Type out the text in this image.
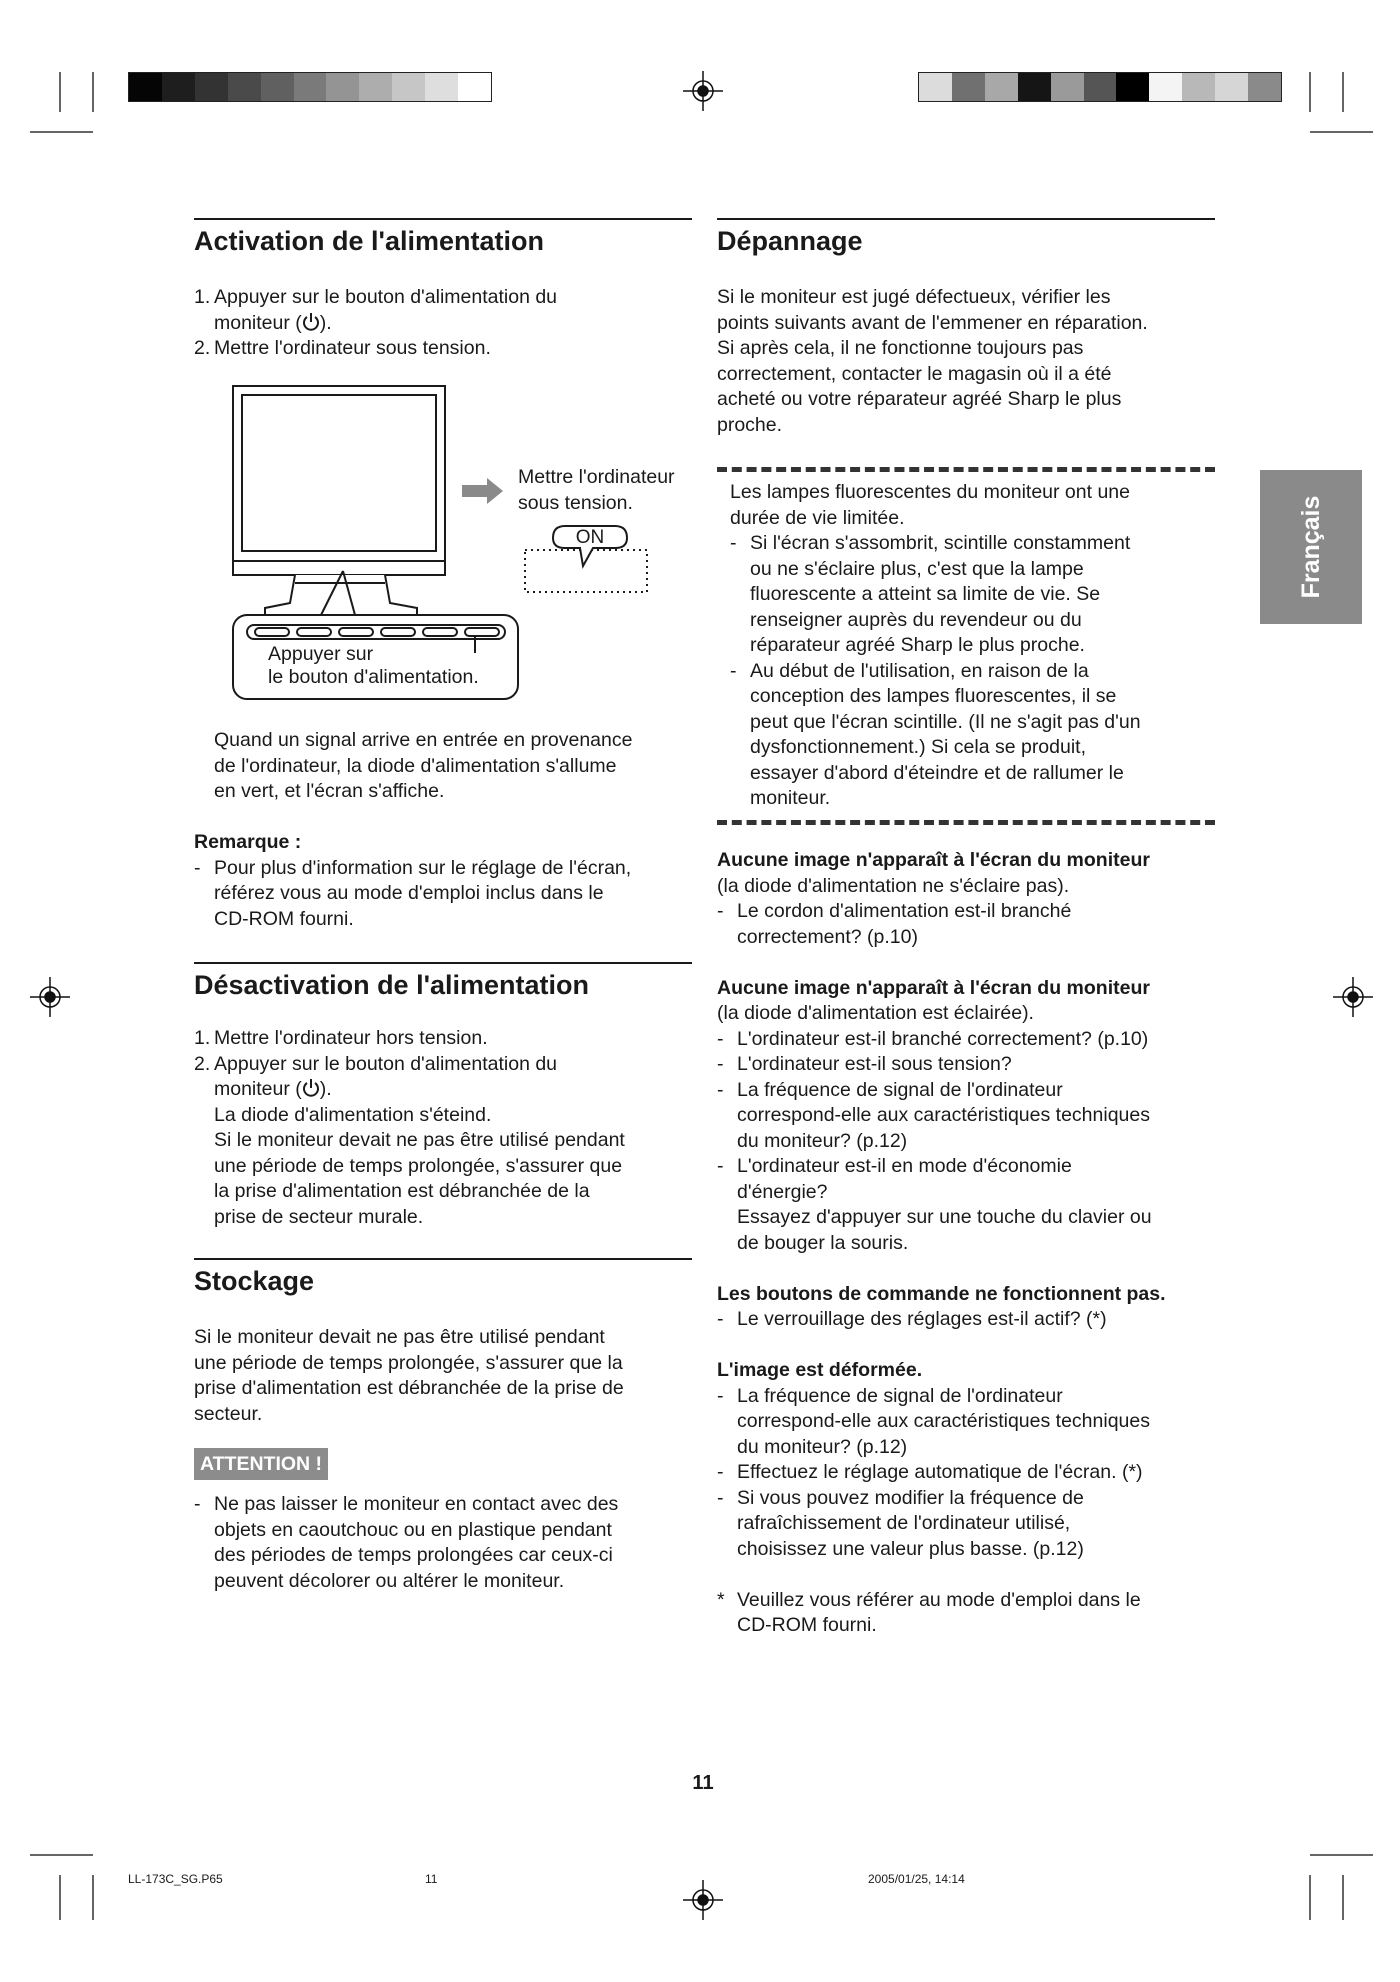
Français
Activation de l'alimentation

1. Appuyer sur le bouton d'alimentation du

moniteur ( ).

2. Mettre l'ordinateur sous tension.

Mettre l'ordinateur
sous tension.
ON
Appuyer sur
le bouton d'alimentation.

Quand un signal arrive en entrée en provenance

de l'ordinateur, la diode d'alimentation s'allume

en vert, et l'écran s'affiche.

Remarque :

- Pour plus d'information sur le réglage de l'écran,

référez vous au mode d'emploi inclus dans le

CD-ROM fourni.

Désactivation de l'alimentation

1. Mettre l'ordinateur hors tension.

2. Appuyer sur le bouton d'alimentation du

moniteur ( ).

La diode d'alimentation s'éteind.

Si le moniteur devait ne pas être utilisé pendant

une période de temps prolongée, s'assurer que

la prise d'alimentation est débranchée de la

prise de secteur murale.

Stockage

Si le moniteur devait ne pas être utilisé pendant

une période de temps prolongée, s'assurer que la

prise d'alimentation est débranchée de la prise de

secteur.

ATTENTION !

- Ne pas laisser le moniteur en contact avec des

objets en caoutchouc ou en plastique pendant

des périodes de temps prolongées car ceux-ci

peuvent décolorer ou altérer le moniteur.

Dépannage

Si le moniteur est jugé défectueux, vérifier les

points suivants avant de l'emmener en réparation.

Si après cela, il ne fonctionne toujours pas

correctement, contacter le magasin où il a été

acheté ou votre réparateur agréé Sharp le plus

proche.

Les lampes fluorescentes du moniteur ont une

durée de vie limitée.

- Si l'écran s'assombrit, scintille constamment

ou ne s'éclaire plus, c'est que la lampe

fluorescente a atteint sa limite de vie. Se

renseigner auprès du revendeur ou du

réparateur agréé Sharp le plus proche.

- Au début de l'utilisation, en raison de la

conception des lampes fluorescentes, il se

peut que l'écran scintille. (Il ne s'agit pas d'un

dysfonctionnement.) Si cela se produit,

essayer d'abord d'éteindre et de rallumer le

moniteur.

Aucune image n'apparaît à l'écran du moniteur

(la diode d'alimentation ne s'éclaire pas).

- Le cordon d'alimentation est-il branché

correctement? (p.10)

Aucune image n'apparaît à l'écran du moniteur

(la diode d'alimentation est éclairée).

- L'ordinateur est-il branché correctement? (p.10)

- L'ordinateur est-il sous tension?

- La fréquence de signal de l'ordinateur

correspond-elle aux caractéristiques techniques

du moniteur? (p.12)

- L'ordinateur est-il en mode d'économie

d'énergie?

Essayez d'appuyer sur une touche du clavier ou

de bouger la souris.

Les boutons de commande ne fonctionnent pas.

- Le verrouillage des réglages est-il actif? (*)

L'image est déformée.

- La fréquence de signal de l'ordinateur

correspond-elle aux caractéristiques techniques

du moniteur? (p.12)

- Effectuez le réglage automatique de l'écran. (*)

- Si vous pouvez modifier la fréquence de

rafraîchissement de l'ordinateur utilisé,

choisissez une valeur plus basse. (p.12)

* Veuillez vous référer au mode d'emploi dans le

CD-ROM fourni.

11
LL-173C_SG.P65	11	2005/01/25, 14:14
